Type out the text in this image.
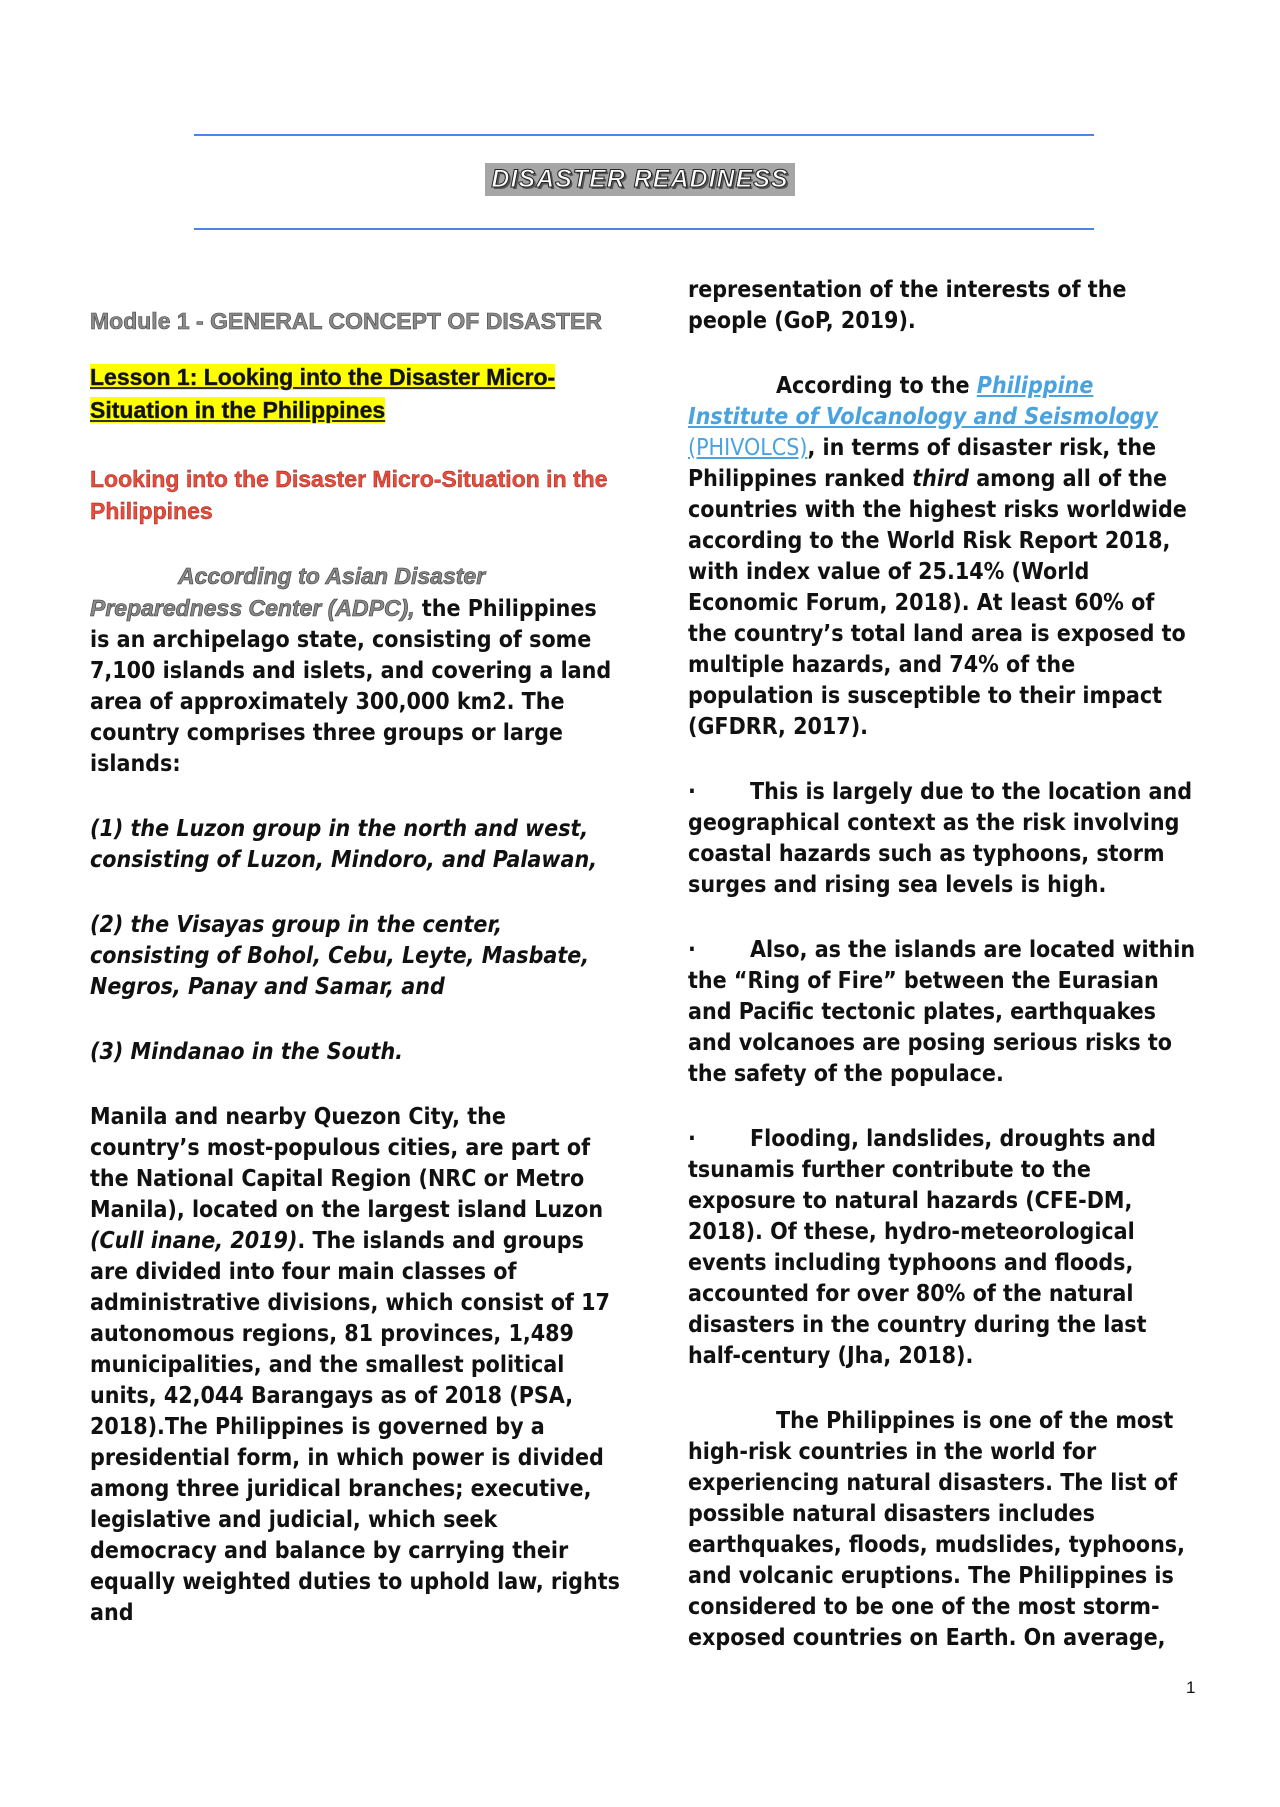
DISASTER READINESS
Module 1 - GENERAL CONCEPT OF DISASTER
Lesson 1: Looking into the Disaster Micro-Situation in the Philippines

Looking into the Disaster Micro-Situation in the Philippines

According to Asian Disaster Preparedness Center (ADPC), the Philippines is an archipelago state, consisting of some 7,100 islands and islets, and covering a land area of approximately 300,000 km2. The country comprises three groups or large islands:

(1) the Luzon group in the north and west, consisting of Luzon, Mindoro, and Palawan,

(2) the Visayas group in the center, consisting of Bohol, Cebu, Leyte, Masbate, Negros, Panay and Samar, and

(3) Mindanao in the South.

Manila and nearby Quezon City, the country’s most-populous cities, are part of the National Capital Region (NRC or Metro Manila), located on the largest island Luzon (Cull inane, 2019). The islands and groups are divided into four main classes of administrative divisions, which consist of 17 autonomous regions, 81 provinces, 1,489 municipalities, and the smallest political units, 42,044 Barangays as of 2018 (PSA, 2018).The Philippines is governed by a presidential form, in which power is divided among three juridical branches; executive, legislative and judicial, which seek democracy and balance by carrying their equally weighted duties to uphold law, rights and

representation of the interests of the people (GoP, 2019).

According to the Philippine Institute of Volcanology and Seismology (PHIVOLCS), in terms of disaster risk, the Philippines ranked third among all of the countries with the highest risks worldwide according to the World Risk Report 2018, with index value of 25.14% (World Economic Forum, 2018). At least 60% of the country’s total land area is exposed to multiple hazards, and 74% of the population is susceptible to their impact (GFDRR, 2017).

· This is largely due to the location and geographical context as the risk involving coastal hazards such as typhoons, storm surges and rising sea levels is high.

· Also, as the islands are located within the “Ring of Fire” between the Eurasian and Pacific tectonic plates, earthquakes and volcanoes are posing serious risks to the safety of the populace.

· Flooding, landslides, droughts and tsunamis further contribute to the exposure to natural hazards (CFE-DM, 2018). Of these, hydro-meteorological events including typhoons and floods, accounted for over 80% of the natural disasters in the country during the last half-century (Jha, 2018).

The Philippines is one of the most high-risk countries in the world for experiencing natural disasters. The list of possible natural disasters includes earthquakes, floods, mudslides, typhoons, and volcanic eruptions. The Philippines is considered to be one of the most storm-exposed countries on Earth. On average,

1
